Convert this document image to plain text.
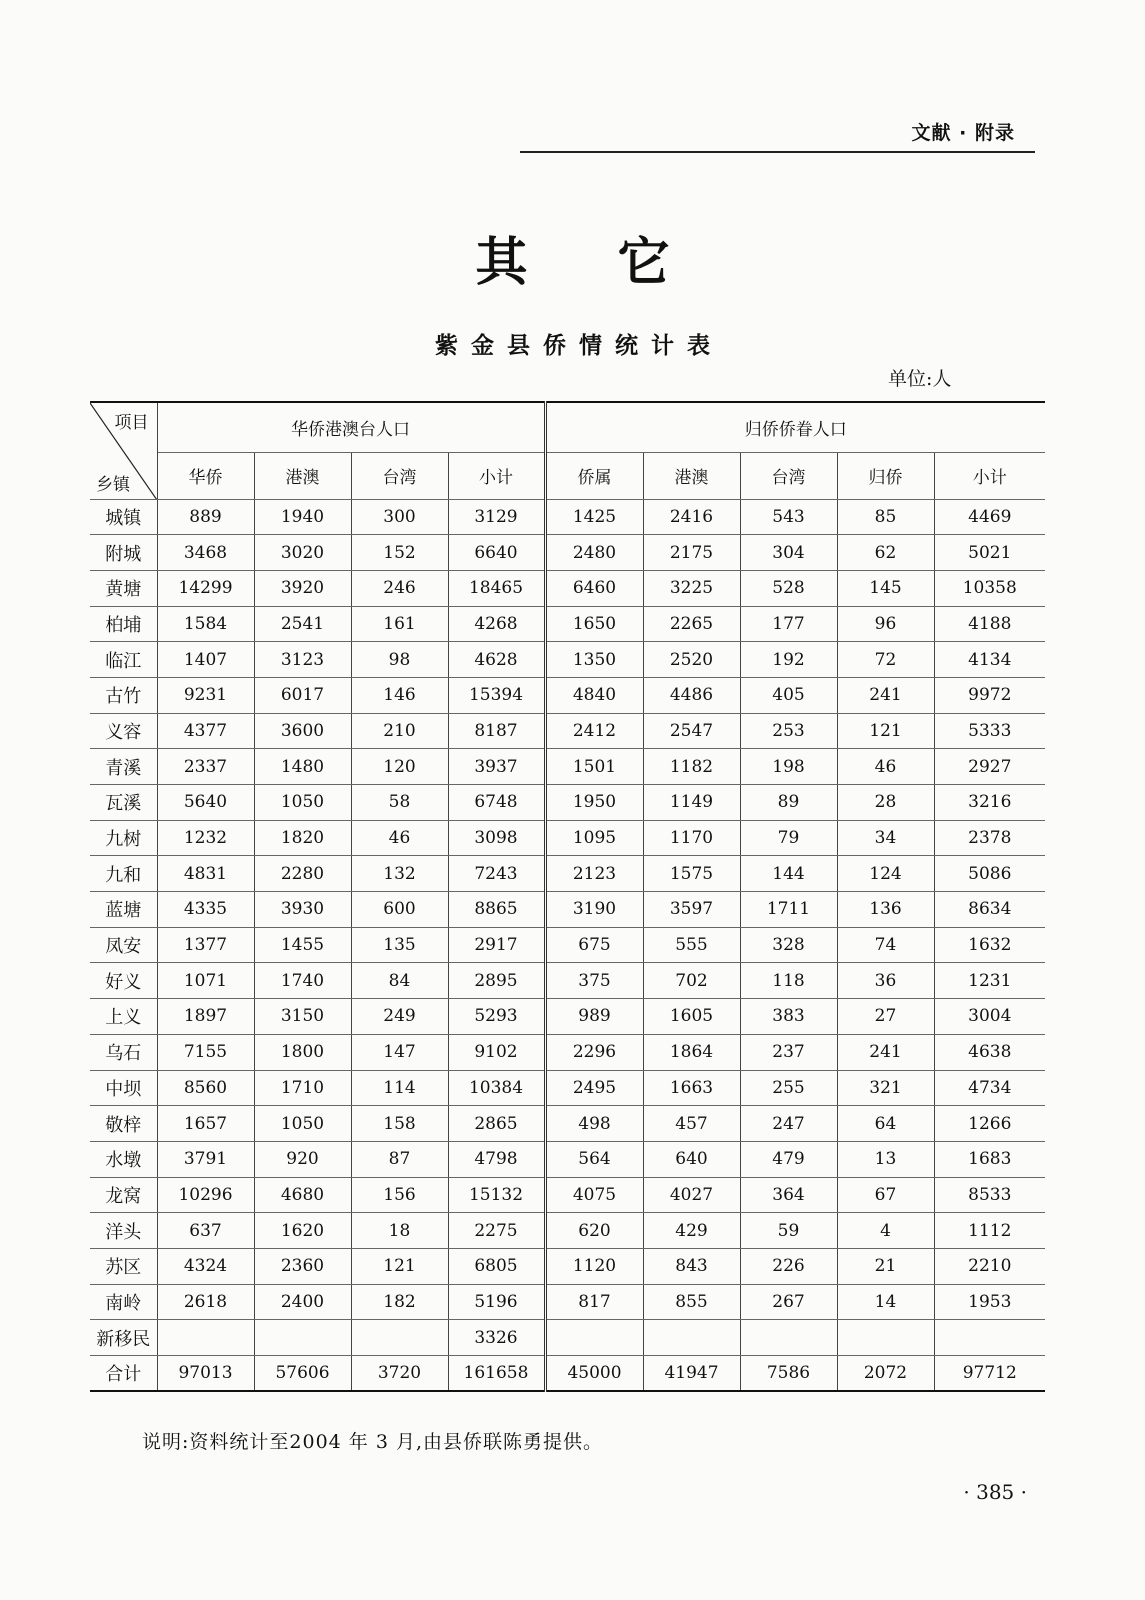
文献 · 附录
其它
紫金县侨情统计表
单位:人
项目
乡镇	华侨港澳台人口				归侨侨眷人口				
	华侨	港澳	台湾	小计	侨属	港澳	台湾	归侨	小计
城镇	889	1940	300	3129	1425	2416	543	85	4469
附城	3468	3020	152	6640	2480	2175	304	62	5021
黄塘	14299	3920	246	18465	6460	3225	528	145	10358
柏埔	1584	2541	161	4268	1650	2265	177	96	4188
临江	1407	3123	98	4628	1350	2520	192	72	4134
古竹	9231	6017	146	15394	4840	4486	405	241	9972
义容	4377	3600	210	8187	2412	2547	253	121	5333
青溪	2337	1480	120	3937	1501	1182	198	46	2927
瓦溪	5640	1050	58	6748	1950	1149	89	28	3216
九树	1232	1820	46	3098	1095	1170	79	34	2378
九和	4831	2280	132	7243	2123	1575	144	124	5086
蓝塘	4335	3930	600	8865	3190	3597	1711	136	8634
凤安	1377	1455	135	2917	675	555	328	74	1632
好义	1071	1740	84	2895	375	702	118	36	1231
上义	1897	3150	249	5293	989	1605	383	27	3004
乌石	7155	1800	147	9102	2296	1864	237	241	4638
中坝	8560	1710	114	10384	2495	1663	255	321	4734
敬梓	1657	1050	158	2865	498	457	247	64	1266
水墩	3791	920	87	4798	564	640	479	13	1683
龙窝	10296	4680	156	15132	4075	4027	364	67	8533
洋头	637	1620	18	2275	620	429	59	4	1112
苏区	4324	2360	121	6805	1120	843	226	21	2210
南岭	2618	2400	182	5196	817	855	267	14	1953
新移民				3326					
合计	97013	57606	3720	161658	45000	41947	7586	2072	97712
说明:资料统计至2004 年 3 月,由县侨联陈勇提供。
· 385 ·
